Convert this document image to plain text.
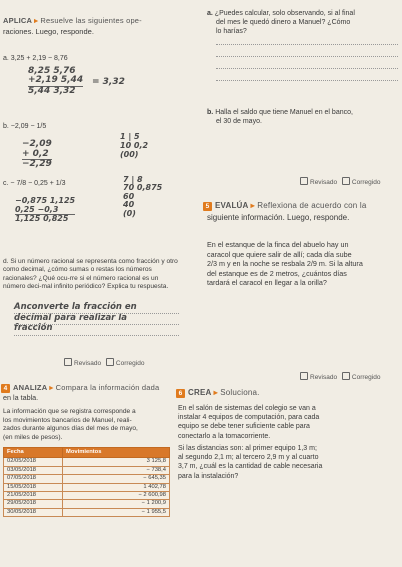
APLICA ▸ Resuelve las siguientes ope-
raciones. Luego, responde.
a. 3,25 + 2,19 − 8,76
8,25 5,76
+2,19 5,44
5,44 3,32
= 3,32
b. −2,09 − 1/5
−2,09
+ 0,2
−2,29
1 | 5
10 0,2
(00)
c. − 7/8 − 0,25 + 1/3
−0,875 1,125
0,25 −0,3
1,125 0,825
7 | 8
70 0,875
60
40
(0)
d. Si un número racional se representa como fracción y otro como decimal, ¿cómo sumas o restas los números racionales? ¿Qué ocu-rre si el número racional es un número deci-mal infinito periódico? Explica tu respuesta.
Anconverte la fracción en
decimal para realizar la
fracción
Revisado Corregido
4 ANALIZA ▸ Compara la información dada
en la tabla.
La información que se registra corresponde a
los movimientos bancarios de Manuel, reali-
zados durante algunos días del mes de mayo,
(en miles de pesos).
Fecha	Movimientos
02/05/2018	3 125,8
03/05/2018	− 738,4
07/05/2018	− 645,35
15/05/2018	1 402,78
21/05/2018	− 2 600,98
29/05/2018	− 1 200,9
30/05/2018	− 1 955,5
a. ¿Puedes calcular, solo observando, si al final
del mes le quedó dinero a Manuel? ¿Cómo
lo harías?
b. Halla el saldo que tiene Manuel en el banco,
el 30 de mayo.
Revisado Corregido
5 EVALÚA ▸ Reflexiona de acuerdo con la
siguiente información. Luego, responde.
En el estanque de la finca del abuelo hay un
caracol que quiere salir de allí; cada día sube
2/3 m y en la noche se resbala 2/9 m. Si la altura
del estanque es de 2 metros, ¿cuántos días
tardará el caracol en llegar a la orilla?
Revisado Corregido
6 CREA ▸ Soluciona.
En el salón de sistemas del colegio se van a
instalar 4 equipos de computación, para cada
equipo se debe tener suficiente cable para
conectarlo a la tomacorriente.
Si las distancias son: al primer equipo 1,3 m;
al segundo 2,1 m; al tercero 2,9 m y al cuarto
3,7 m, ¿cuál es la cantidad de cable necesaria
para la instalación?
